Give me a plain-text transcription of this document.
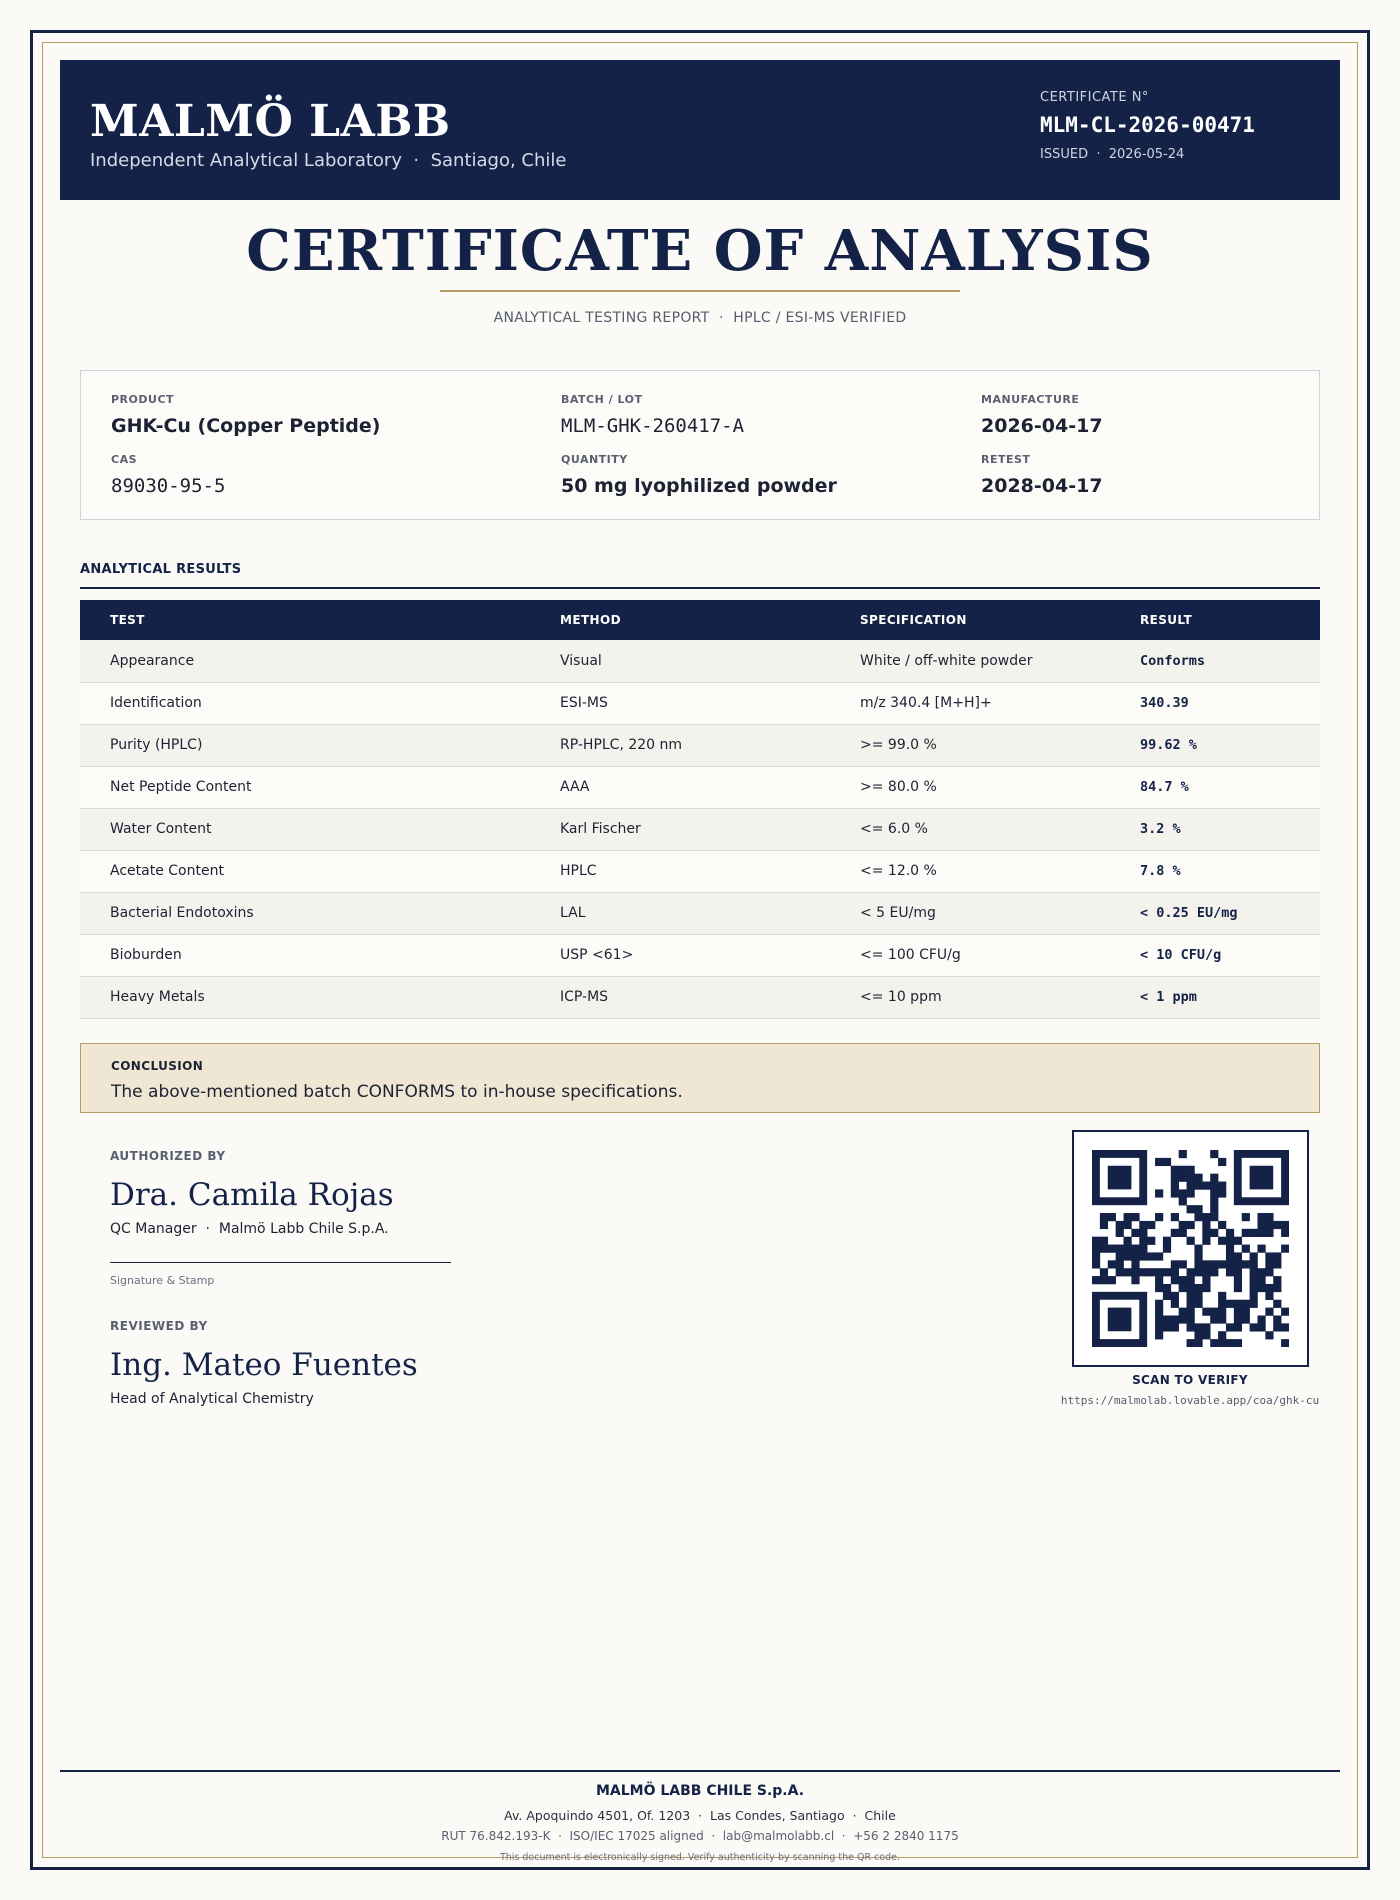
MALMÖ LABB
Independent Analytical Laboratory  ·  Santiago, Chile
CERTIFICATE N°
MLM-CL-2026-00471
ISSUED  ·  2026-05-24
CERTIFICATE OF ANALYSIS
ANALYTICAL TESTING REPORT  ·  HPLC / ESI-MS VERIFIED
PRODUCT
GHK-Cu (Copper Peptide)
BATCH / LOT
MLM-GHK-260417-A
MANUFACTURE
2026-04-17
CAS
89030-95-5
QUANTITY
50 mg lyophilized powder
RETEST
2028-04-17
ANALYTICAL RESULTS
TEST	METHOD	SPECIFICATION	RESULT
Appearance	Visual	White / off-white powder	Conforms
Identification	ESI-MS	m/z 340.4 [M+H]+	340.39
Purity (HPLC)	RP-HPLC, 220 nm	>= 99.0 %	99.62 %
Net Peptide Content	AAA	>= 80.0 %	84.7 %
Water Content	Karl Fischer	<= 6.0 %	3.2 %
Acetate Content	HPLC	<= 12.0 %	7.8 %
Bacterial Endotoxins	LAL	< 5 EU/mg	< 0.25 EU/mg
Bioburden	USP <61>	<= 100 CFU/g	< 10 CFU/g
Heavy Metals	ICP-MS	<= 10 ppm	< 1 ppm
CONCLUSION
The above-mentioned batch CONFORMS to in-house specifications.
AUTHORIZED BY
Dra. Camila Rojas
QC Manager  ·  Malmö Labb Chile S.p.A.
Signature & Stamp
REVIEWED BY
Ing. Mateo Fuentes
Head of Analytical Chemistry
SCAN TO VERIFY
https://malmolab.lovable.app/coa/ghk-cu
MALMÖ LABB CHILE S.p.A.
Av. Apoquindo 4501, Of. 1203  ·  Las Condes, Santiago  ·  Chile
RUT 76.842.193-K  ·  ISO/IEC 17025 aligned  ·  lab@malmolabb.cl  ·  +56 2 2840 1175
This document is electronically signed. Verify authenticity by scanning the QR code.
